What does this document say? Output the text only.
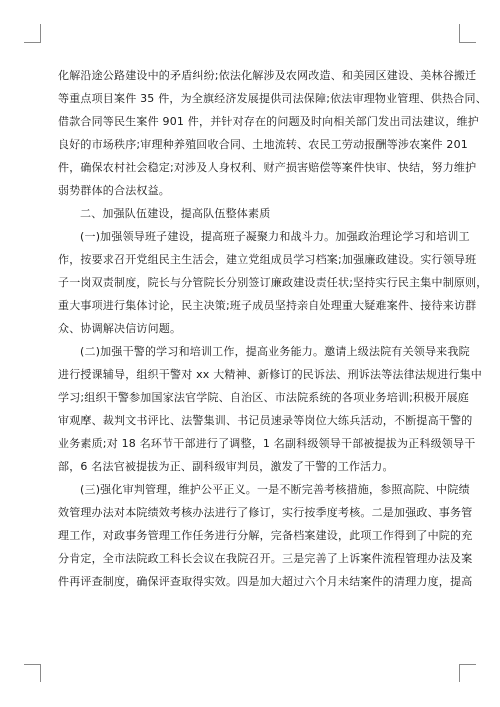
化解沿途公路建设中的矛盾纠纷;依法化解涉及农网改造、和美园区建设、美林谷搬迁
等重点项目案件 35 件，为全旗经济发展提供司法保障;依法审理物业管理、供热合同、
借款合同等民生案件 901 件，并针对存在的问题及时向相关部门发出司法建议，维护
良好的市场秩序;审理种养殖回收合同、土地流转、农民工劳动报酬等涉农案件 201
件，确保农村社会稳定;对涉及人身权利、财产损害赔偿等案件快审、快结，努力维护
弱势群体的合法权益。
二、加强队伍建设，提高队伍整体素质
(一)加强领导班子建设，提高班子凝聚力和战斗力。加强政治理论学习和培训工
作，按要求召开党组民主生活会，建立党组成员学习档案;加强廉政建设。实行领导班
子一岗双责制度，院长与分管院长分别签订廉政建设责任状;坚持实行民主集中制原则，
重大事项进行集体讨论，民主决策;班子成员坚持亲自处理重大疑难案件、接待来访群
众、协调解决信访问题。
(二)加强干警的学习和培训工作，提高业务能力。邀请上级法院有关领导来我院
进行授课辅导，组织干警对 xx 大精神、新修订的民诉法、刑诉法等法律法规进行集中
学习;组织干警参加国家法官学院、自治区、市法院系统的各项业务培训;积极开展庭
审观摩、裁判文书评比、法警集训、书记员速录等岗位大练兵活动，不断提高干警的
业务素质;对 18 名环节干部进行了调整，1 名副科级领导干部被提拔为正科级领导干
部，6 名法官被提拔为正、副科级审判员，激发了干警的工作活力。
(三)强化审判管理，维护公平正义。一是不断完善考核措施，参照高院、中院绩
效管理办法对本院绩效考核办法进行了修订，实行按季度考核。二是加强政、事务管
理工作，对政事务管理工作任务进行分解，完备档案建设，此项工作得到了中院的充
分肯定，全市法院政工科长会议在我院召开。三是完善了上诉案件流程管理办法及案
件再评查制度，确保评查取得实效。四是加大超过六个月未结案件的清理力度，提高
